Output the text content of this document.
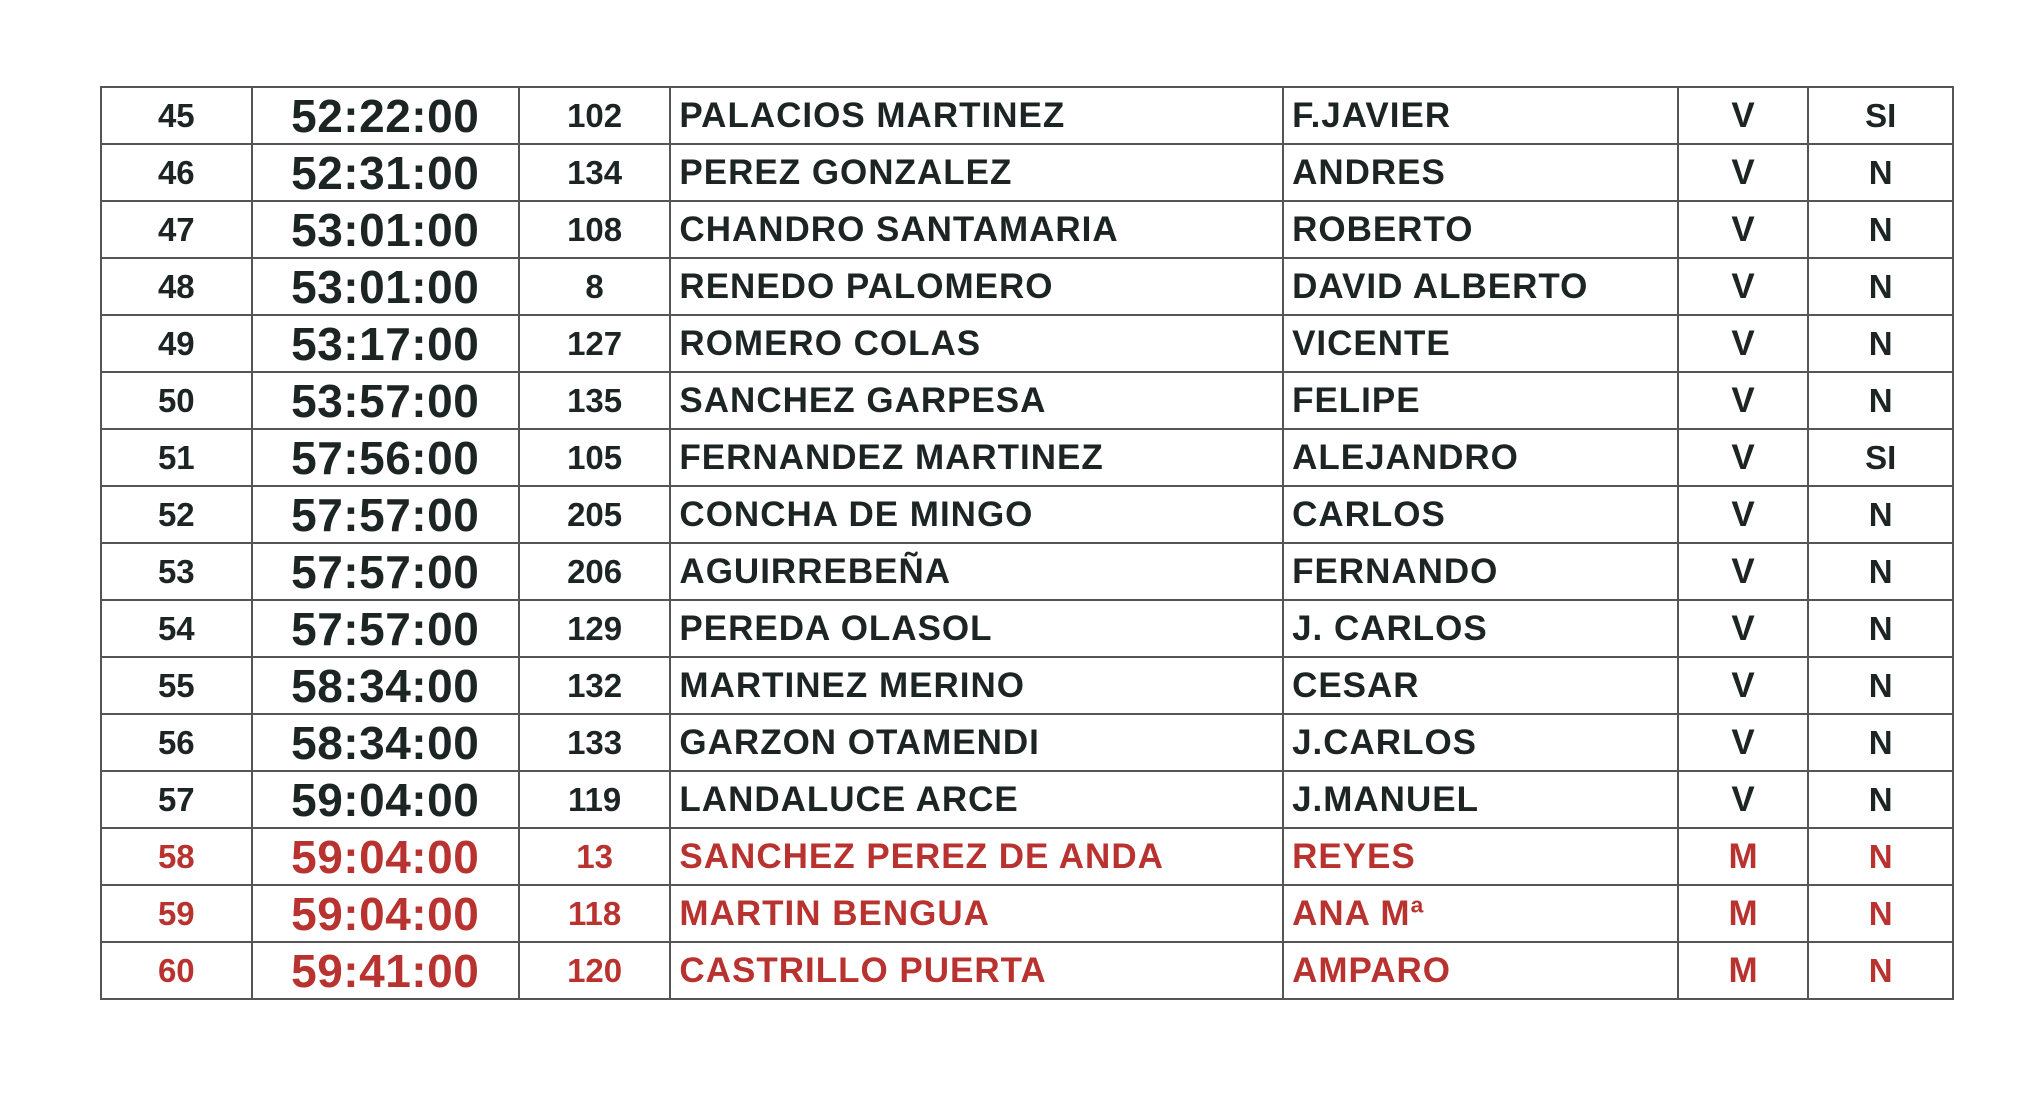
45	52:22:00	102	PALACIOS MARTINEZ	F.JAVIER	V	SI
46	52:31:00	134	PEREZ GONZALEZ	ANDRES	V	N
47	53:01:00	108	CHANDRO SANTAMARIA	ROBERTO	V	N
48	53:01:00	8	RENEDO PALOMERO	DAVID ALBERTO	V	N
49	53:17:00	127	ROMERO COLAS	VICENTE	V	N
50	53:57:00	135	SANCHEZ GARPESA	FELIPE	V	N
51	57:56:00	105	FERNANDEZ MARTINEZ	ALEJANDRO	V	SI
52	57:57:00	205	CONCHA DE MINGO	CARLOS	V	N
53	57:57:00	206	AGUIRREBEÑA	FERNANDO	V	N
54	57:57:00	129	PEREDA OLASOL	J. CARLOS	V	N
55	58:34:00	132	MARTINEZ MERINO	CESAR	V	N
56	58:34:00	133	GARZON OTAMENDI	J.CARLOS	V	N
57	59:04:00	119	LANDALUCE ARCE	J.MANUEL	V	N
58	59:04:00	13	SANCHEZ PEREZ DE ANDA	REYES	M	N
59	59:04:00	118	MARTIN BENGUA	ANA Mª	M	N
60	59:41:00	120	CASTRILLO PUERTA	AMPARO	M	N
